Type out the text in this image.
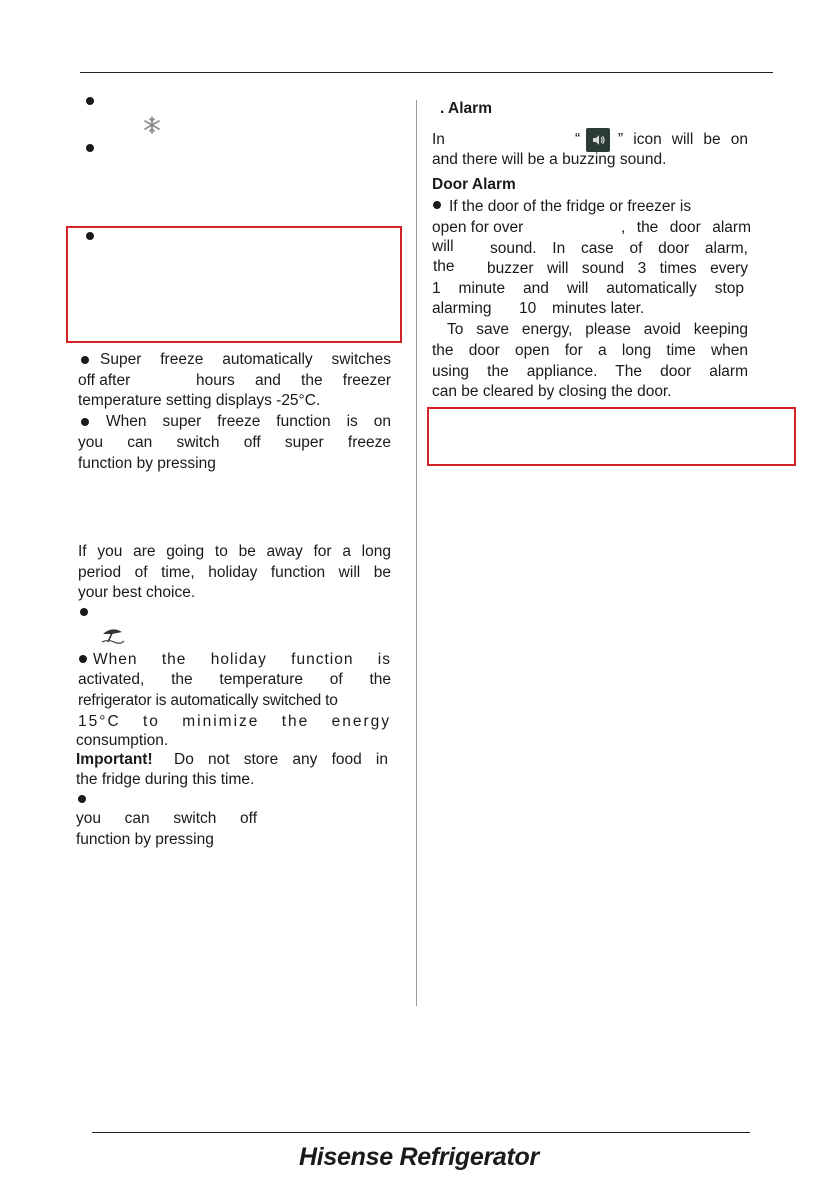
Super freeze automatically switches
off after	hours and the freezer
temperature setting displays -25°C.
When super freeze function is on
you can switch off super freeze
function by pressing
If you are going to be away for a long
period of time, holiday function will be
your best choice.
When the holiday function is
activated, the temperature of the
refrigerator is automatically switched to
15°C to minimize the energy
consumption.
Important! Do not store any food in
the fridge during this time.
you can switch off
function by pressing
. Alarm
In	“ ” icon will be on
and there will be a buzzing sound.
Door Alarm
If the door of the fridge or freezer is
open for over	, the door alarm
will sound. In case of door alarm,
the buzzer will sound 3 times every
1 minute and will automatically stop
alarming 10 minutes later.
To save energy, please avoid keeping
the door open for a long time when
using the appliance. The door alarm
can be cleared by closing the door.
Hisense Refrigerator
